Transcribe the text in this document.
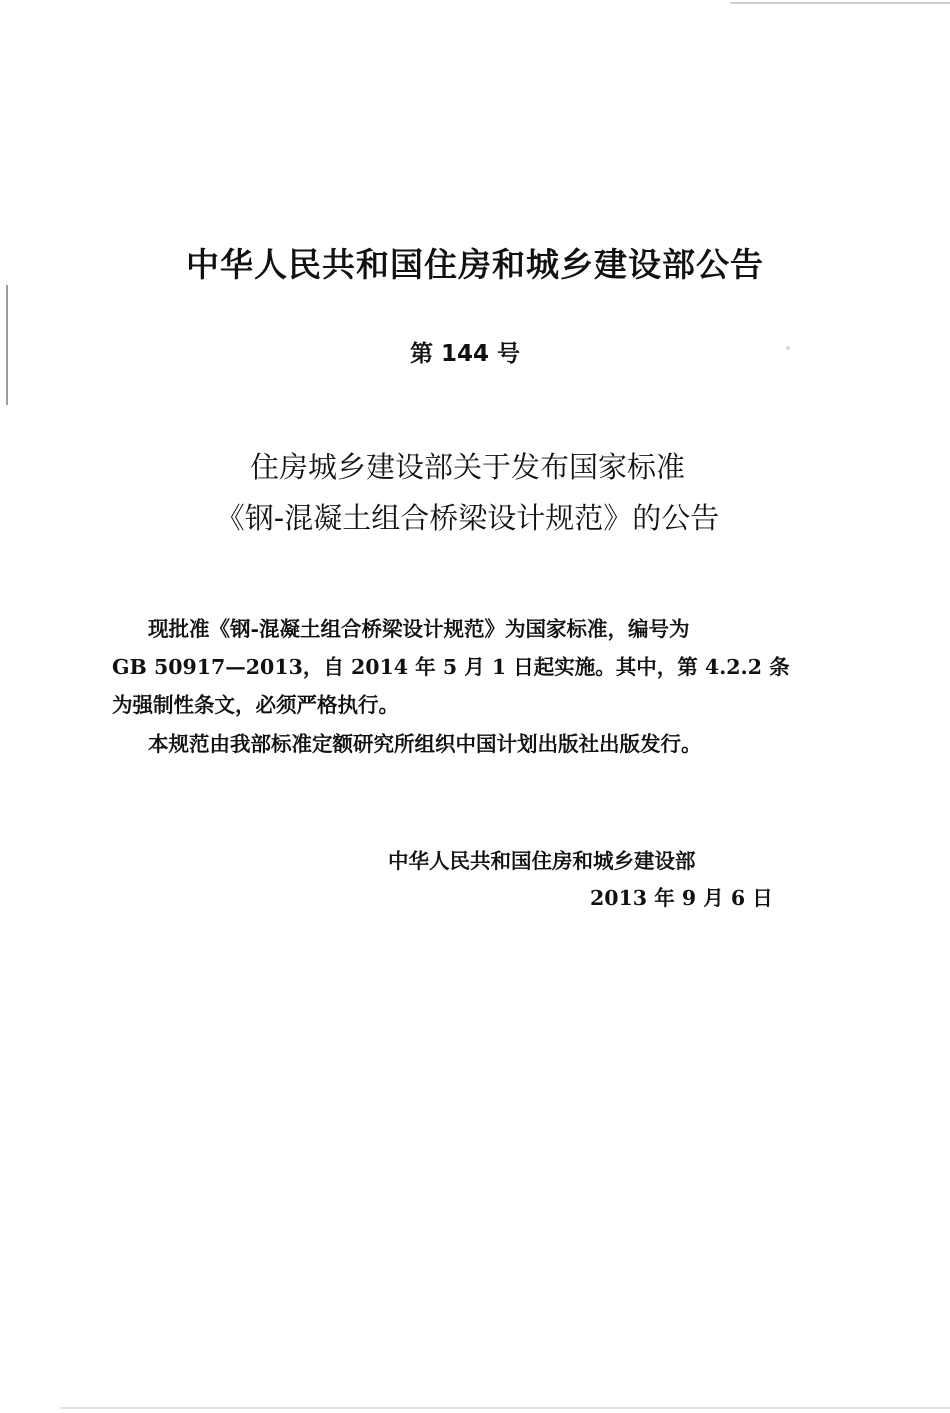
中华人民共和国住房和城乡建设部公告
第 144 号
住房城乡建设部关于发布国家标准
《钢-混凝土组合桥梁设计规范》的公告
现批准《钢-混凝土组合桥梁设计规范》为国家标准，编号为
GB 50917—2013，自 2014 年 5 月 1 日起实施。其中，第 4.2.2 条
为强制性条文，必须严格执行。
本规范由我部标准定额研究所组织中国计划出版社出版发行。
中华人民共和国住房和城乡建设部
2013 年 9 月 6 日
